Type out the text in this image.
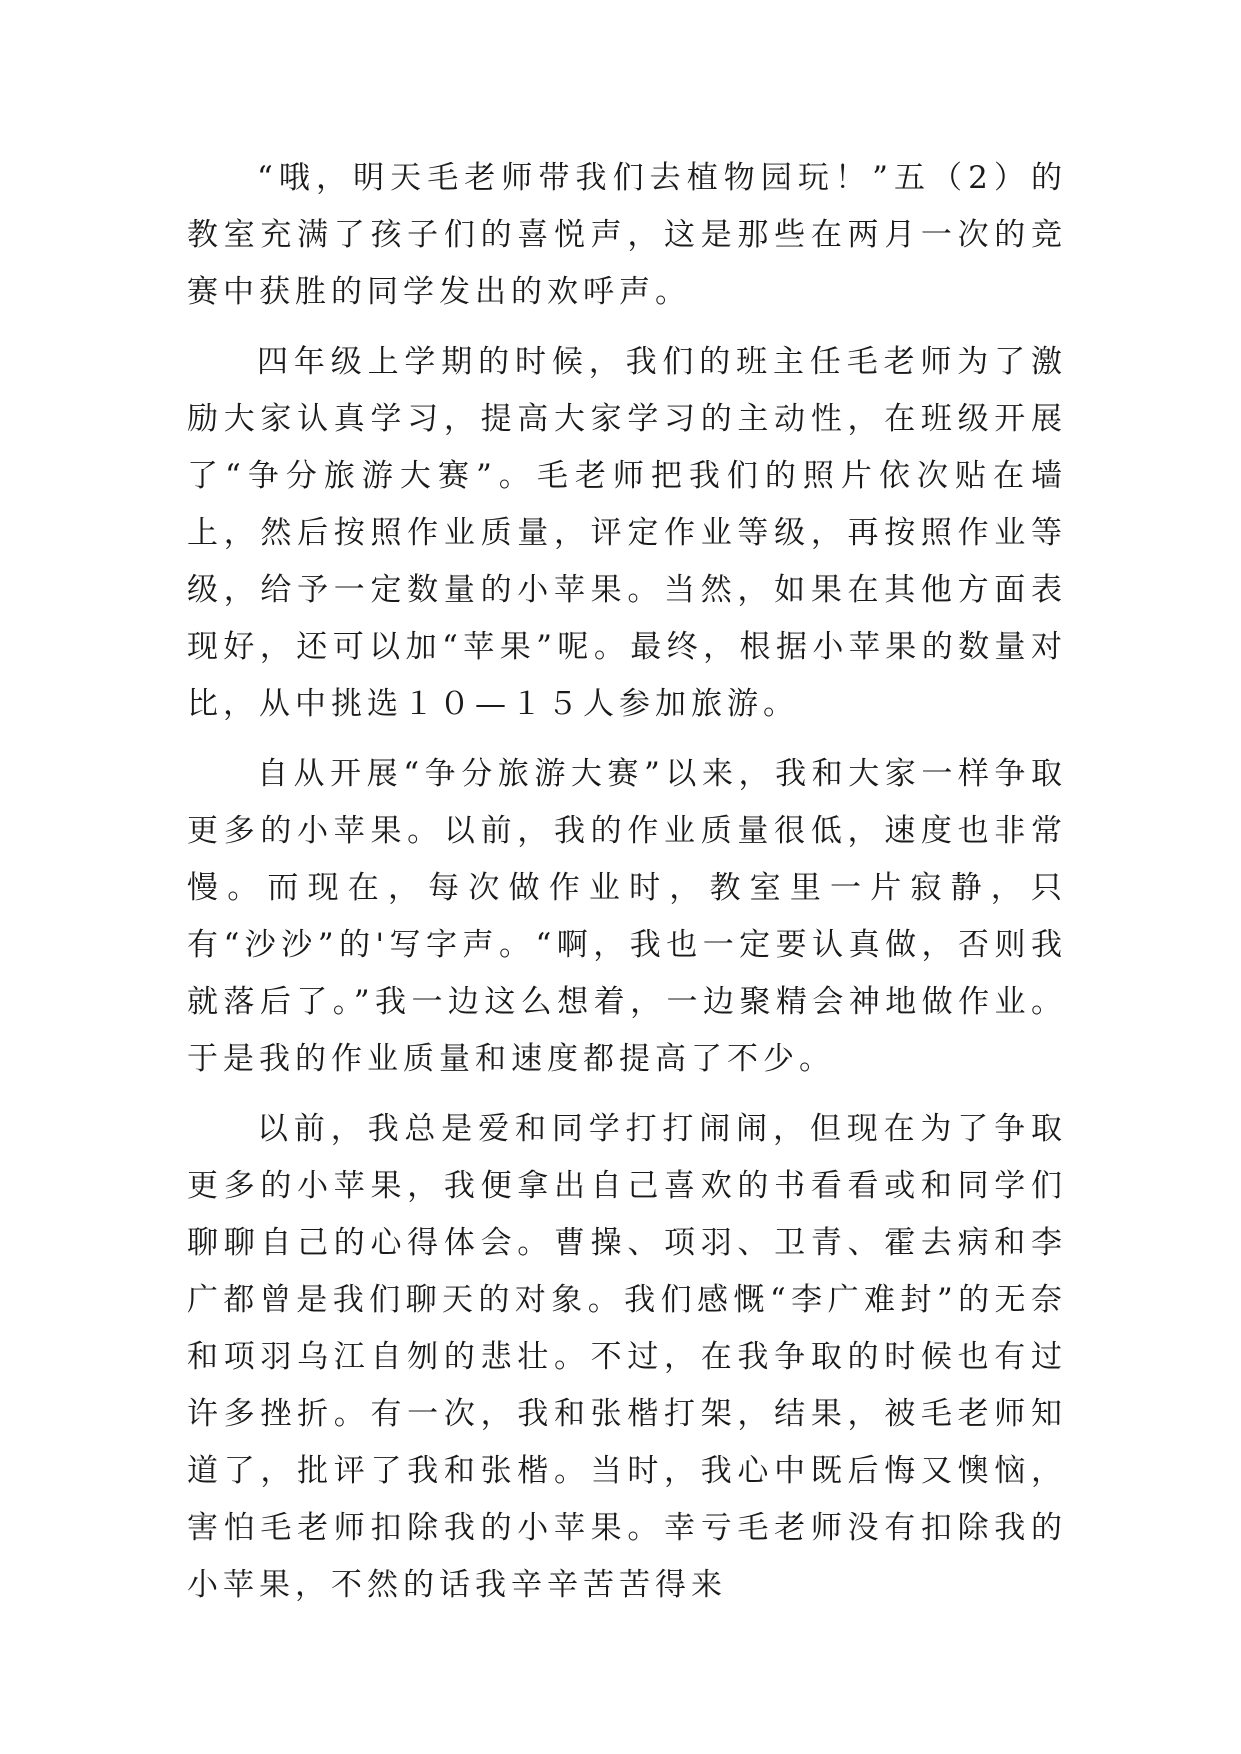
“哦，明天毛老师带我们去植物园玩！”五（2）的教室充满了孩子们的喜悦声，这是那些在两月一次的竞赛中获胜的同学发出的欢呼声。

四年级上学期的时候，我们的班主任毛老师为了激励大家认真学习，提高大家学习的主动性，在班级开展了“争分旅游大赛”。毛老师把我们的照片依次贴在墙上，然后按照作业质量，评定作业等级，再按照作业等级，给予一定数量的小苹果。当然，如果在其他方面表现好，还可以加“苹果”呢。最终，根据小苹果的数量对比，从中挑选１０—１５人参加旅游。

自从开展“争分旅游大赛”以来，我和大家一样争取更多的小苹果。以前，我的作业质量很低，速度也非常慢。而现在，每次做作业时，教室里一片寂静，只有“沙沙”的'写字声。“啊，我也一定要认真做，否则我就落后了。”我一边这么想着，一边聚精会神地做作业。于是我的作业质量和速度都提高了不少。

以前，我总是爱和同学打打闹闹，但现在为了争取更多的小苹果，我便拿出自己喜欢的书看看或和同学们聊聊自己的心得体会。曹操、项羽、卫青、霍去病和李广都曾是我们聊天的对象。我们感慨“李广难封”的无奈和项羽乌江自刎的悲壮。不过，在我争取的时候也有过许多挫折。有一次，我和张楷打架，结果，被毛老师知道了，批评了我和张楷。当时，我心中既后悔又懊恼，害怕毛老师扣除我的小苹果。幸亏毛老师没有扣除我的小苹果，不然的话我辛辛苦苦得来
